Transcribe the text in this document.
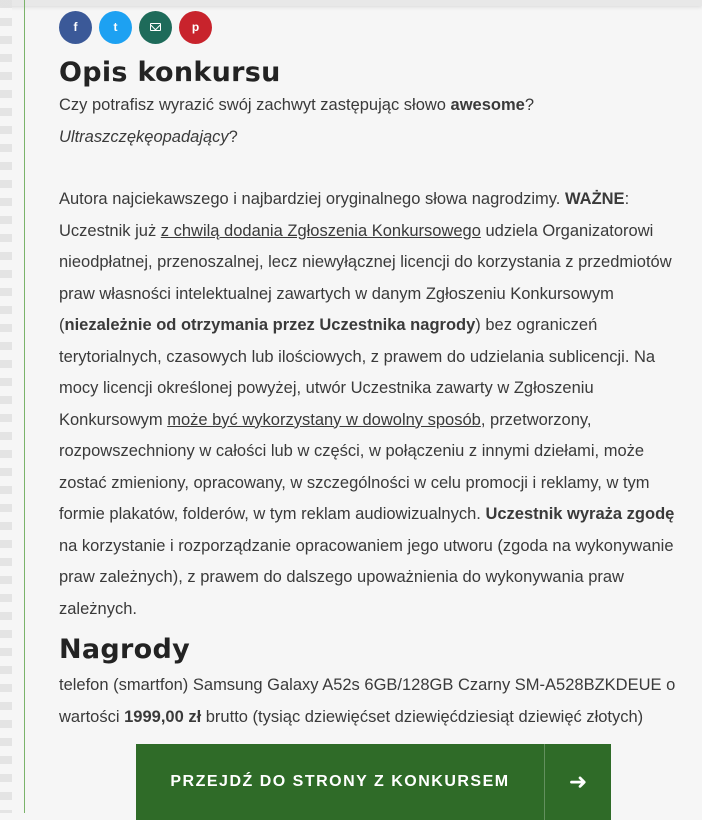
f	t	p
Opis konkursu

Czy potrafisz wyrazić swój zachwyt zastępując słowo awesome?
Ultraszczękęopadający?

Autora najciekawszego i najbardziej oryginalnego słowa nagrodzimy. WAŻNE: Uczestnik już z chwilą dodania Zgłoszenia Konkursowego udziela Organizatorowi nieodpłatnej, przenoszalnej, lecz niewyłącznej licencji do korzystania z przedmiotów praw własności intelektualnej zawartych w danym Zgłoszeniu Konkursowym (niezależnie od otrzymania przez Uczestnika nagrody) bez ograniczeń terytorialnych, czasowych lub ilościowych, z prawem do udzielania sublicencji. Na mocy licencji określonej powyżej, utwór Uczestnika zawarty w Zgłoszeniu Konkursowym może być wykorzystany w dowolny sposób, przetworzony, rozpowszechniony w całości lub w części, w połączeniu z innymi dziełami, może zostać zmieniony, opracowany, w szczególności w celu promocji i reklamy, w tym formie plakatów, folderów, w tym reklam audiowizualnych. Uczestnik wyraża zgodę na korzystanie i rozporządzanie opracowaniem jego utworu (zgoda na wykonywanie praw zależnych), z prawem do dalszego upoważnienia do wykonywania praw zależnych.

Nagrody

telefon (smartfon) Samsung Galaxy A52s 6GB/128GB Czarny SM-A528BZKDEUE o wartości 1999,00 zł brutto (tysiąc dziewięćset dziewięćdziesiąt dziewięć złotych)

PRZEJDŹ DO STRONY Z KONKURSEM	➜
